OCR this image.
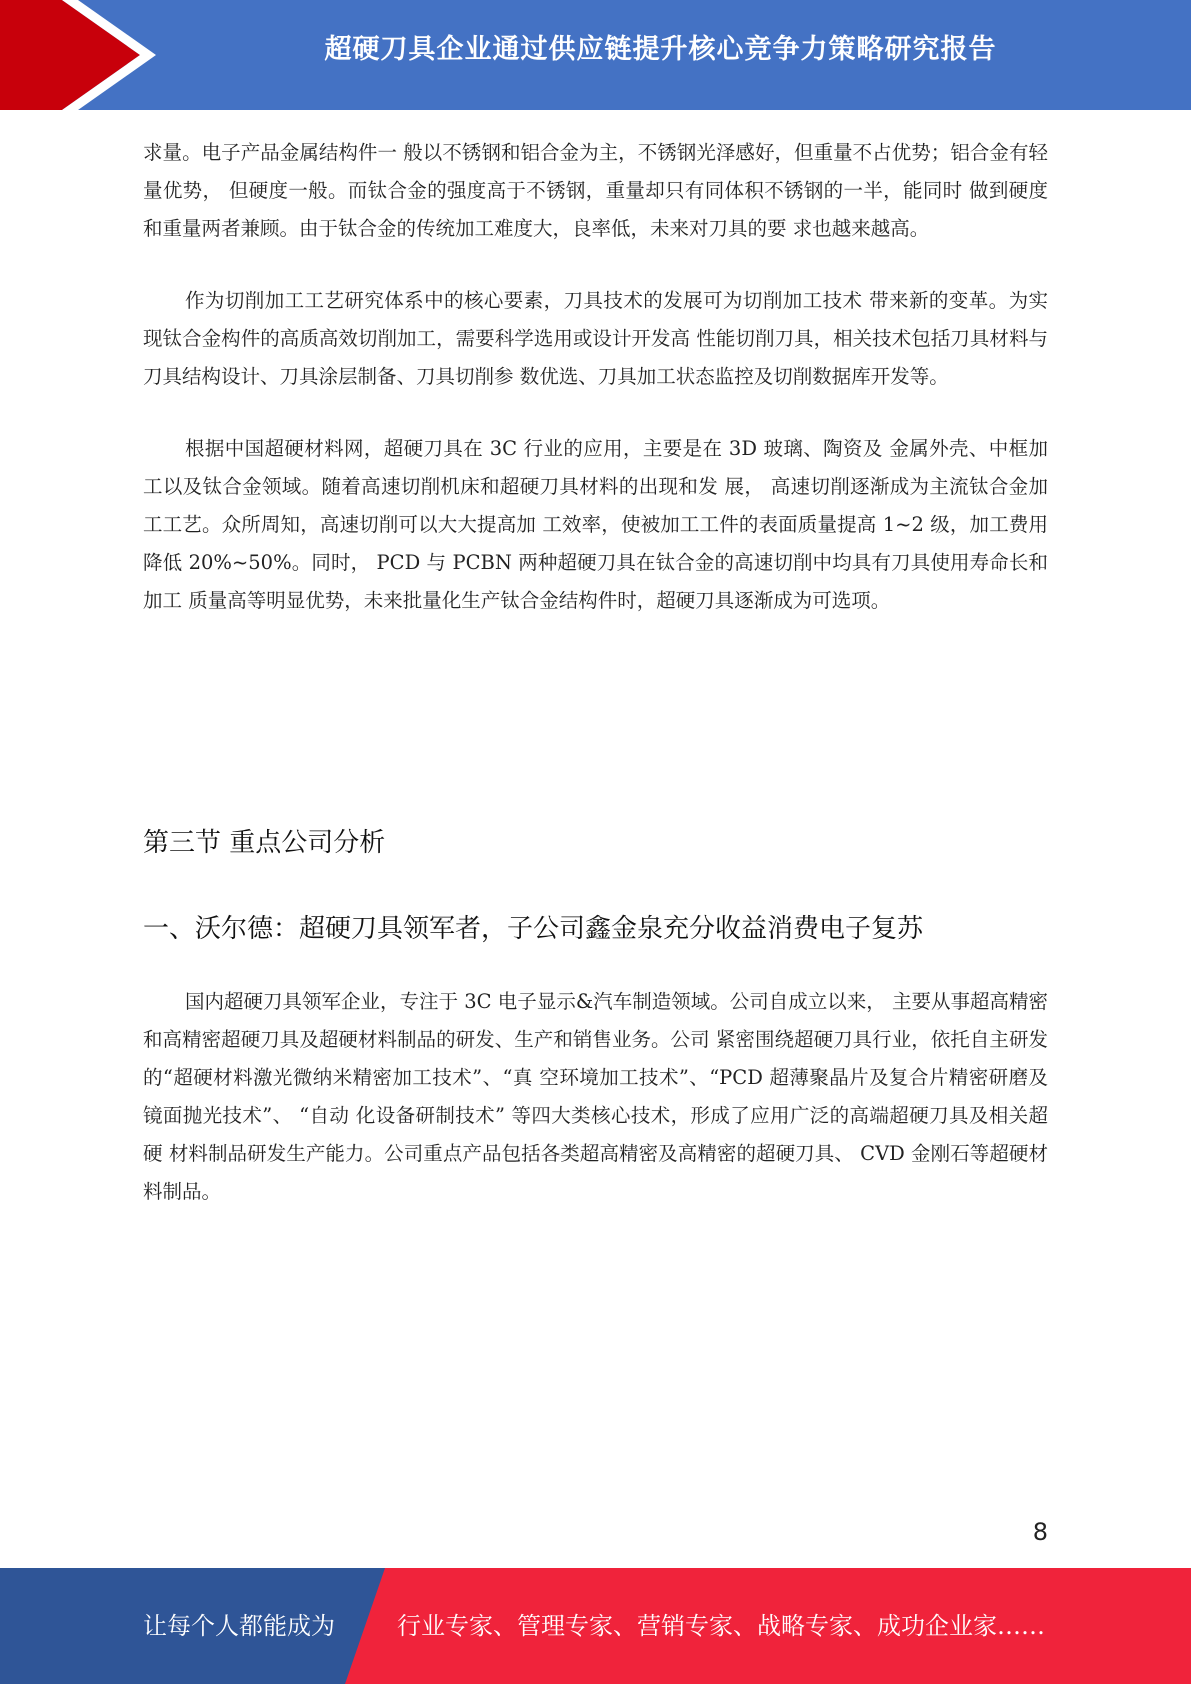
超硬刀具企业通过供应链提升核心竞争力策略研究报告

求量。电子产品金属结构件一 般以不锈钢和铝合金为主，不锈钢光泽感好，但重量不占优势；铝合金有轻量优势， 但硬度一般。而钛合金的强度高于不锈钢，重量却只有同体积不锈钢的一半，能同时 做到硬度和重量两者兼顾。由于钛合金的传统加工难度大，良率低，未来对刀具的要 求也越来越高。

作为切削加工工艺研究体系中的核心要素，刀具技术的发展可为切削加工技术 带来新的变革。为实现钛合金构件的高质高效切削加工，需要科学选用或设计开发高 性能切削刀具，相关技术包括刀具材料与刀具结构设计、刀具涂层制备、刀具切削参 数优选、刀具加工状态监控及切削数据库开发等。

根据中国超硬材料网，超硬刀具在 3C 行业的应用，主要是在 3D 玻璃、陶资及 金属外壳、中框加工以及钛合金领域。随着高速切削机床和超硬刀具材料的出现和发 展， 高速切削逐渐成为主流钛合金加工工艺。众所周知，高速切削可以大大提高加 工效率，使被加工工件的表面质量提高 1~2 级，加工费用降低 20%~50%。同时， PCD 与 PCBN 两种超硬刀具在钛合金的高速切削中均具有刀具使用寿命长和加工 质量高等明显优势，未来批量化生产钛合金结构件时，超硬刀具逐渐成为可选项。

第三节 重点公司分析
一、沃尔德：超硬刀具领军者，子公司鑫金泉充分收益消费电子复苏

国内超硬刀具领军企业，专注于 3C 电子显示&汽车制造领域。公司自成立以来， 主要从事超高精密和高精密超硬刀具及超硬材料制品的研发、生产和销售业务。公司 紧密围绕超硬刀具行业，依托自主研发的“超硬材料激光微纳米精密加工技术”、“真 空环境加工技术”、“PCD 超薄聚晶片及复合片精密研磨及镜面抛光技术”、 “自动 化设备研制技术” 等四大类核心技术，形成了应用广泛的高端超硬刀具及相关超硬 材料制品研发生产能力。公司重点产品包括各类超高精密及高精密的超硬刀具、 CVD 金刚石等超硬材料制品。

8
让每个人都能成为	行业专家、管理专家、营销专家、战略专家、成功企业家……
